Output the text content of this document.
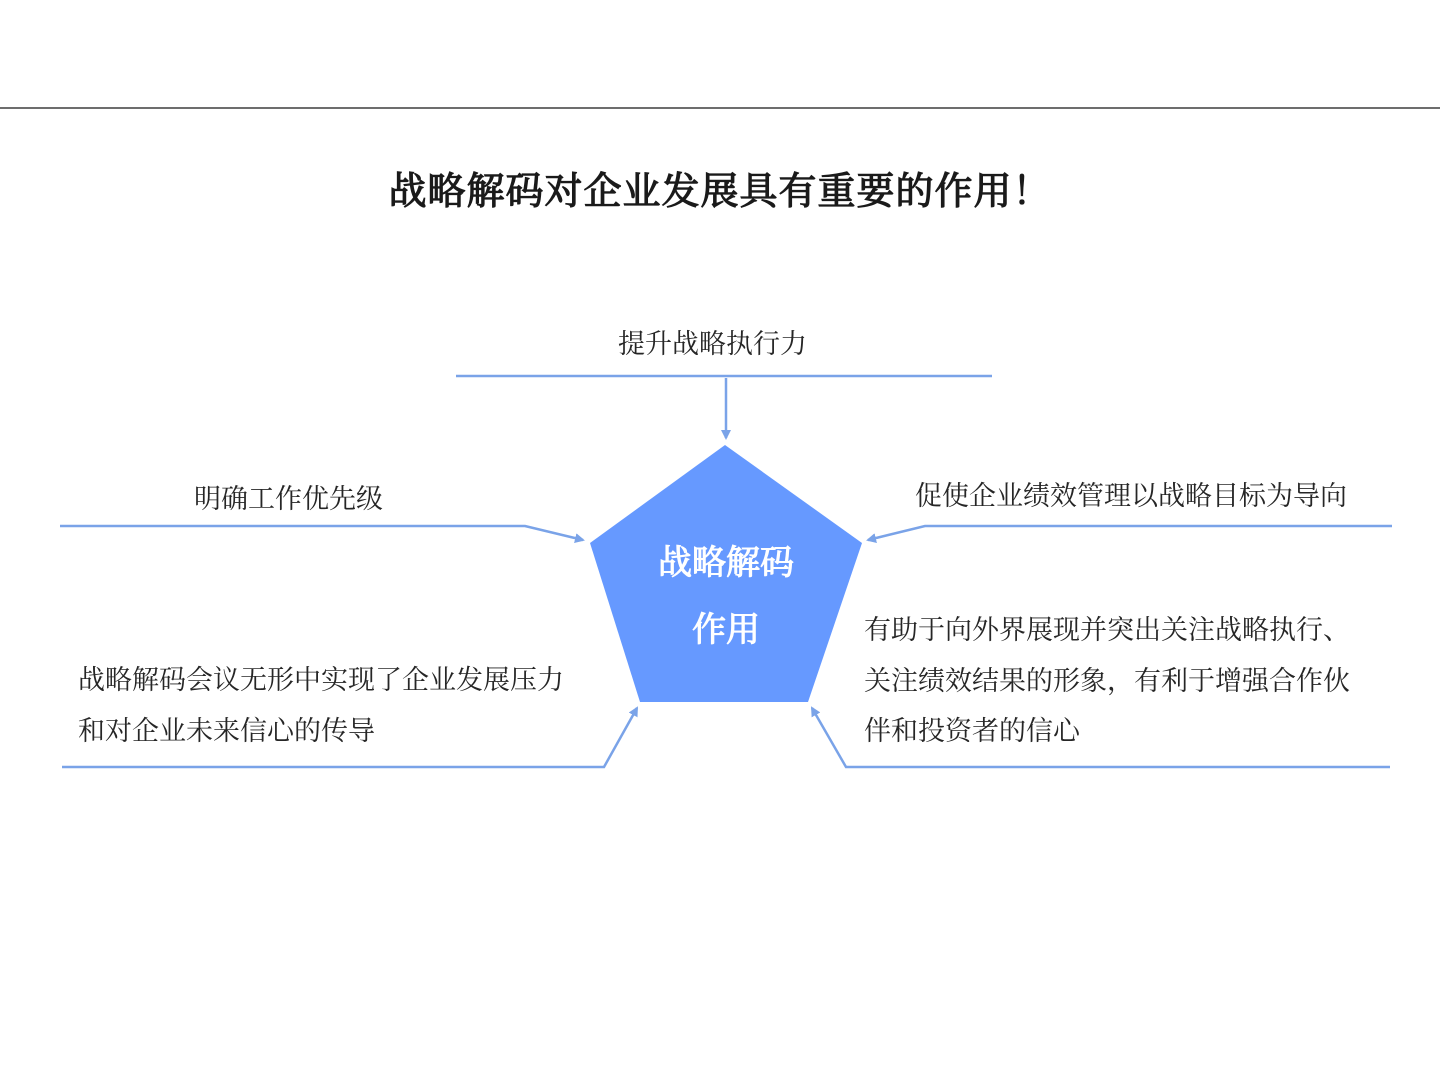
战略解码对企业发展具有重要的作用！
战略解码
作用
提升战略执行力
明确工作优先级	促使企业绩效管理以战略目标为导向
战略解码会议无形中实现了企业发展压力
和对企业未来信心的传导
有助于向外界展现并突出关注战略执行、
关注绩效结果的形象，有利于增强合作伙
伴和投资者的信心
